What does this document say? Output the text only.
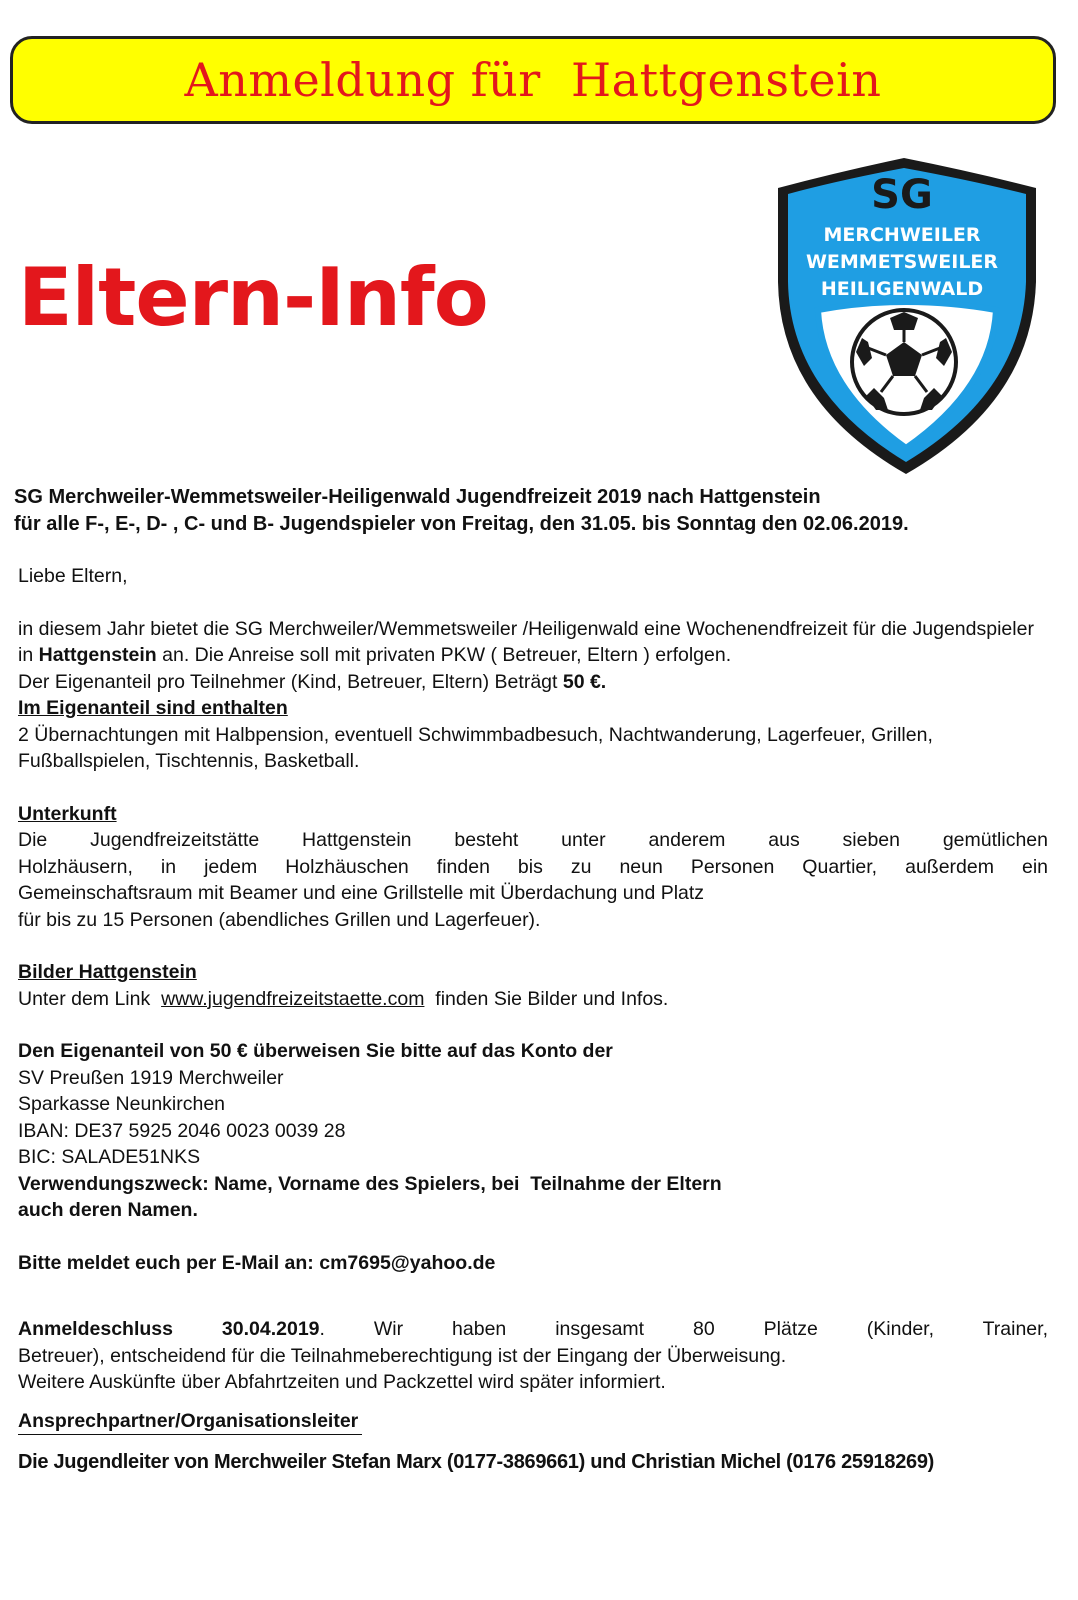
Anmeldung für  Hattgenstein
Eltern-Info
SG
MERCHWEILER
WEMMETSWEILER
HEILIGENWALD

SG Merchweiler-Wemmetsweiler-Heiligenwald Jugendfreizeit 2019 nach Hattgenstein

für alle F-, E-, D- , C- und B- Jugendspieler von Freitag, den 31.05. bis Sonntag den 02.06.2019.

Liebe Eltern,

in diesem Jahr bietet die SG Merchweiler/Wemmetsweiler /Heiligenwald eine Wochenendfreizeit für die Jugendspieler in Hattgenstein an. Die Anreise soll mit privaten PKW ( Betreuer, Eltern ) erfolgen.

Der Eigenanteil pro Teilnehmer (Kind, Betreuer, Eltern) Beträgt 50 €.

Im Eigenanteil sind enthalten

2 Übernachtungen mit Halbpension, eventuell Schwimmbadbesuch, Nachtwanderung, Lagerfeuer, Grillen, Fußballspielen, Tischtennis, Basketball.

Unterkunft

Die Jugendfreizeitstätte Hattgenstein besteht unter anderem aus sieben gemütlichen

Holzhäusern, in jedem Holzhäuschen finden bis zu neun Personen Quartier, außerdem ein

Gemeinschaftsraum mit Beamer und eine Grillstelle mit Überdachung und Platz

für bis zu 15 Personen (abendliches Grillen und Lagerfeuer).

Bilder Hattgenstein

Unter dem Link  www.jugendfreizeitstaette.com  finden Sie Bilder und Infos.

Den Eigenanteil von 50 € überweisen Sie bitte auf das Konto der

SV Preußen 1919 Merchweiler

Sparkasse Neunkirchen

IBAN: DE37 5925 2046 0023 0039 28

BIC: SALADE51NKS

Verwendungszweck: Name, Vorname des Spielers, bei  Teilnahme der Eltern

auch deren Namen.

Bitte meldet euch per E-Mail an: cm7695@yahoo.de

Anmeldeschluss 30.04.2019. Wir haben insgesamt 80 Plätze (Kinder, Trainer,

Betreuer), entscheidend für die Teilnahmeberechtigung ist der Eingang der Überweisung.

Weitere Auskünfte über Abfahrtzeiten und Packzettel wird später informiert.

Ansprechpartner/Organisationsleiter

Die Jugendleiter von Merchweiler Stefan Marx (0177-3869661) und Christian Michel (0176 25918269)
